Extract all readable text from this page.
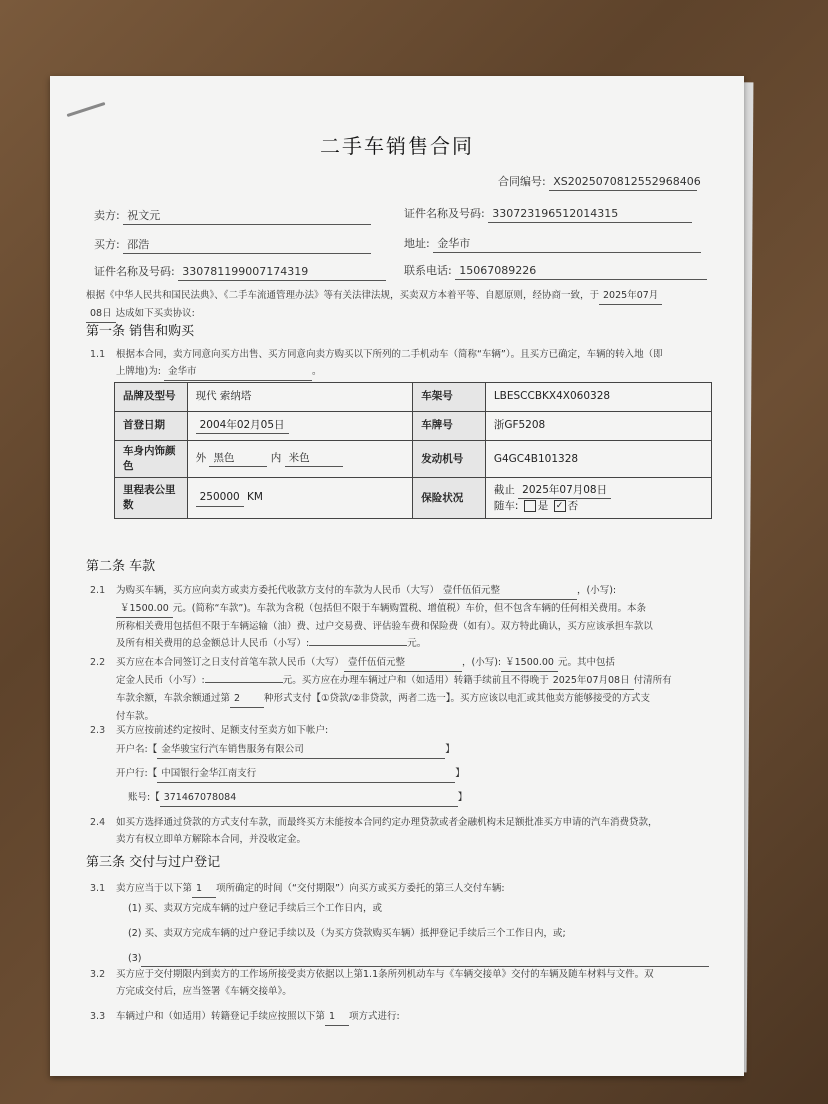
二手车销售合同
合同编号: XS202507081255296840​6
卖方: 祝文元	证件名称及号码: 330723196512014315
买方: 邵浩	地址: 金华市
证件名称及号码: 330781199007174319	联系电话: 15067089226
根据《中华人民共和国民法典》、《二手车流通管理办法》等有关法律法规，买卖双方本着平等、自愿原则，经协商一致，于 2025年07月
08日 达成如下买卖协议:
第一条 销售和购买
1.1 根据本合同，卖方同意向买方出售、买方同意向卖方购买以下所列的二手机动车（简称“车辆”）。且买方已确定，车辆的转入地（即
上牌地)为: 金华市	。
品牌及型号	现代 索纳塔	车架号	LBESCCBKX4X060328
首登日期	2004年02月05日	车牌号	浙GF5208
车身内饰颜色	外 黑色 内 米色	发动机号	G4GC4B101328
里程表公里数	250000 KM	保险状况	截止 2025年07月08日
随车: 是 ✓ 否
第二条 车款
2.1 为购买车辆，买方应向卖方或卖方委托代收款方支付的车款为人民币（大写） 壹仟伍佰元整	，(小写):
￥1500.00 元。(简称“车款”)。车款为含税（包括但不限于车辆购置税、增值税）车价，但不包含车辆的任何相关费用。本条
所称相关费用包括但不限于车辆运输（油）费、过户交易费、评估验车费和保险费（如有）。双方特此确认，买方应该承担车款以
及所有相关费用的总金额总计人民币（小写）:	元。
2.2 买方应在本合同签订之日支付首笔车款人民币（大写） 壹仟伍佰元整	，(小写): ￥1500.00 元。其中包括
定金人民币（小写）:	元。买方应在办理车辆过户和（如适用）转籍手续前且不得晚于 2025年07月08日 付清所有
车款余额，车款余额通过第 2	种形式支付【①贷款/②非贷款，两者二选一】。买方应该以电汇或其他卖方能够接受的方式支
付车款。
2.3 买方应按前述约定按时、足额支付至卖方如下帐户:
开户名:【 金华骏宝行汽车销售服务有限公司	】
开户行:【 中国银行金华江南支行	】
账号:【 371467078084	】
2.4 如买方选择通过贷款的方式支付车款，而最终买方未能按本合同约定办理贷款或者金融机构未足额批准买方申请的汽车消费贷款，
卖方有权立即单方解除本合同，并没收定金。
第三条 交付与过户登记
3.1 卖方应当于以下第 1 项所确定的时间（“交付期限”）向买方或买方委托的第三人交付车辆:
(1) 买、卖双方完成车辆的过户登记手续后三个工作日内，或
(2) 买、卖双方完成车辆的过户登记手续以及（为买方贷款购买车辆）抵押登记手续后三个工作日内，或;
(3)
3.2 买方应于交付期限内到卖方的工作场所接受卖方依据以上第1.1条所列机动车与《车辆交接单》交付的车辆及随车材料与文件。双
方完成交付后，应当签署《车辆交接单》。
3.3 车辆过户和（如适用）转籍登记手续应按照以下第 1 项方式进行:
